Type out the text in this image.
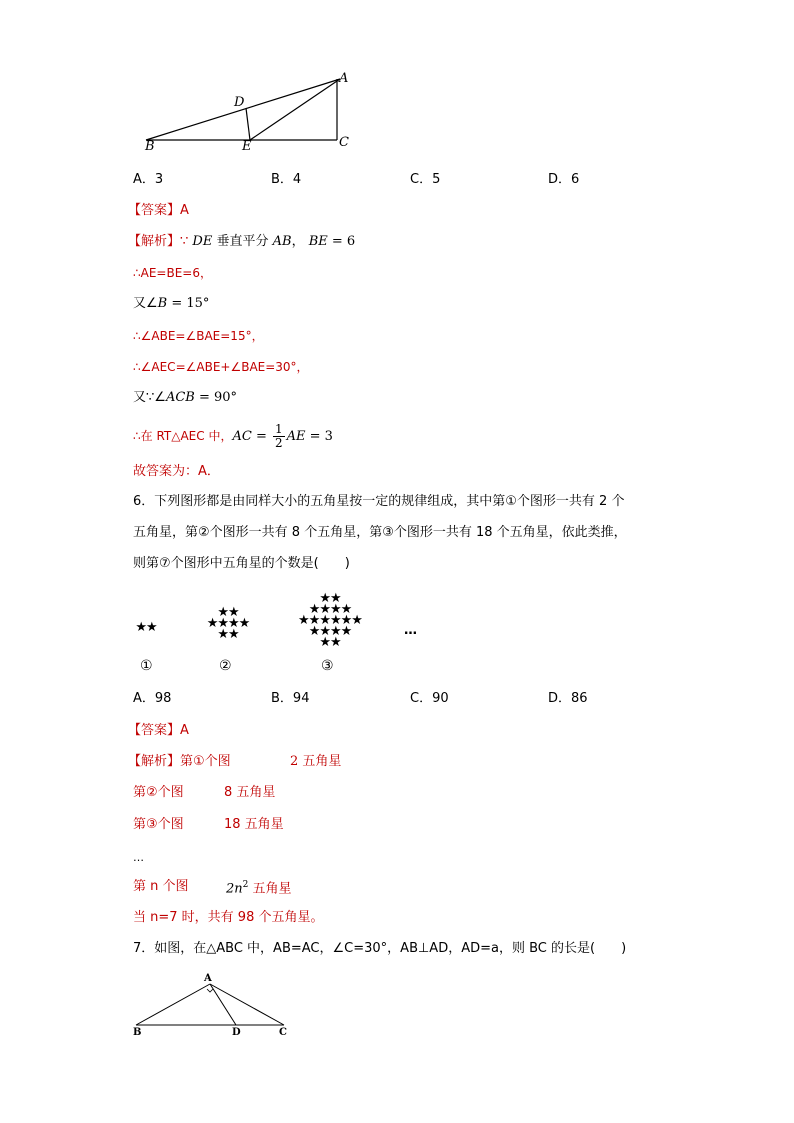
A
D
B	E	C
A．3	B．4	C．5	D．6
【答案】A
【解析】∵ DE 垂直平分 AB， BE = 6
∴AE=BE=6，
又∠B = 15°
∴∠ABE=∠BAE=15°，
∴∠AEC=∠ABE+∠BAE=30°，
又∵∠ACB = 90°
∴在 RT△AEC 中，AC = $\frac{1}{2}$ AE = 3
故答案为：A．
6．下列图形都是由同样大小的五角星按一定的规律组成，其中第①个图形一共有 2 个
五角星，第②个图形一共有 8 个五角星，第③个图形一共有 18 个五角星，依此类推，
则第⑦个图形中五角星的个数是(　　)
★★
★★
★★★★
★★
★★
★★★★
★★★★★★
★★★★
★★
…
①	②	③
A．98	B．94	C．90	D．86
【答案】A
【解析】第①个图	2 五角星
第②个图	8 五角星
第③个图	18 五角星
…
第 n 个图	$2n^2$ 五角星
当 n=7 时，共有 98 个五角星。
7．如图，在△ABC 中，AB=AC，∠C=30°，AB⊥AD，AD=a，则 BC 的长是(　　)
A
B	D	C
